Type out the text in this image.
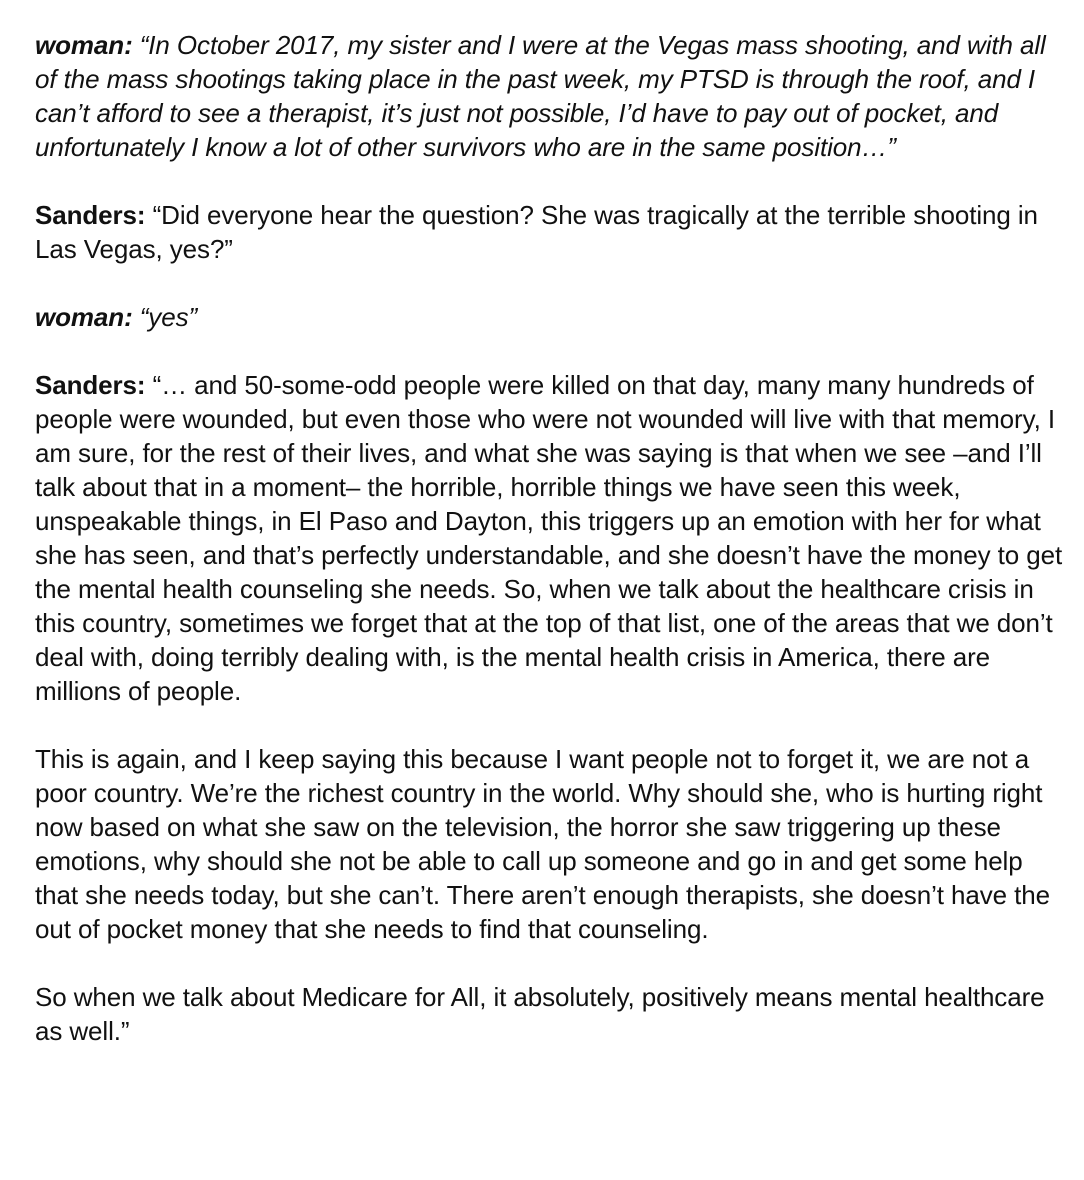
woman: “In October 2017, my sister and I were at the Vegas mass shooting, and with all of the mass shootings taking place in the past week, my PTSD is through the roof, and I can’t afford to see a therapist, it’s just not possible, I’d have to pay out of pocket, and unfortunately I know a lot of other survivors who are in the same position…”

Sanders: “Did everyone hear the question? She was tragically at the terrible shooting in Las Vegas, yes?”

woman: “yes”

Sanders: “… and 50-some-odd people were killed on that day, many many hundreds of people were wounded, but even those who were not wounded will live with that memory, I am sure, for the rest of their lives, and what she was saying is that when we see –and I’ll talk about that in a moment– the horrible, horrible things we have seen this week, unspeakable things, in El Paso and Dayton, this triggers up an emotion with her for what she has seen, and that’s perfectly understandable, and she doesn’t have the money to get the mental health counseling she needs. So, when we talk about the healthcare crisis in this country, sometimes we forget that at the top of that list, one of the areas that we don’t deal with, doing terribly dealing with, is the mental health crisis in America, there are millions of people.

This is again, and I keep saying this because I want people not to forget it, we are not a poor country. We’re the richest country in the world. Why should she, who is hurting right now based on what she saw on the television, the horror she saw triggering up these emotions, why should she not be able to call up someone and go in and get some help that she needs today, but she can’t. There aren’t enough therapists, she doesn’t have the out of pocket money that she needs to find that counseling.

So when we talk about Medicare for All, it absolutely, positively means mental healthcare as well.”
